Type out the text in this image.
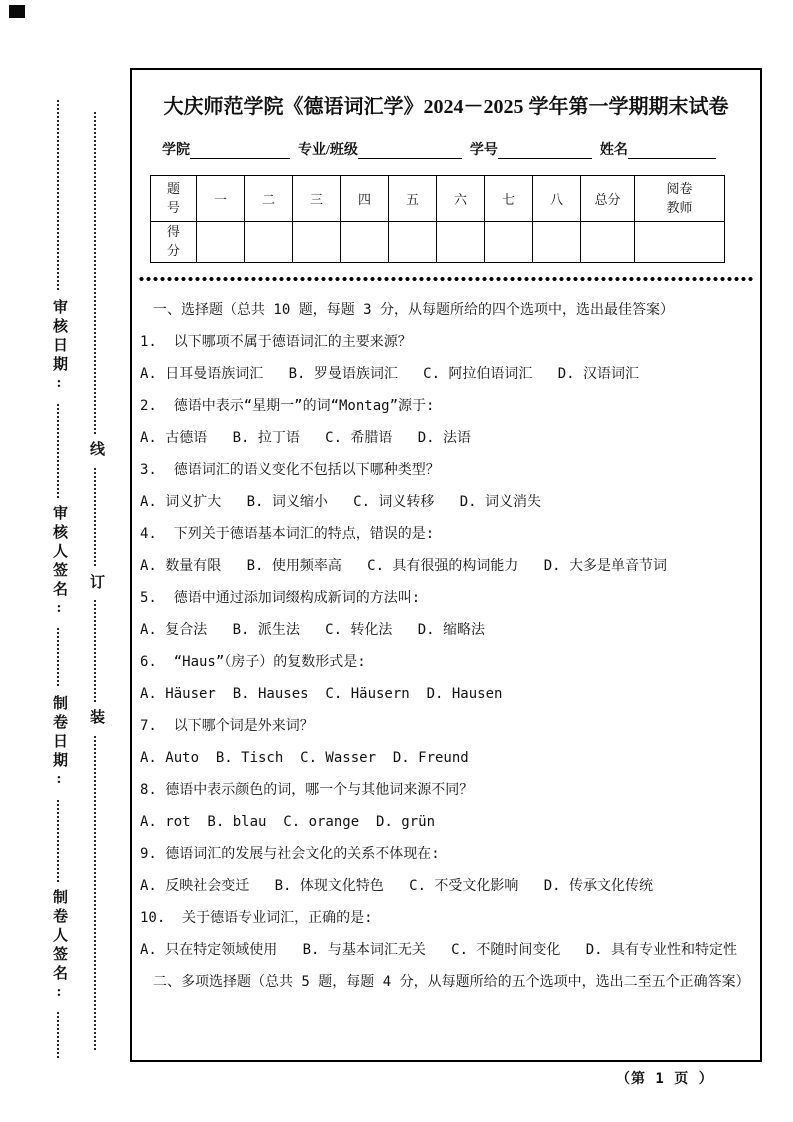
审核日期:
审核人签名:
制卷日期:
制卷人签名:
线
订
装
大庆师范学院《德语词汇学》2024－2025 学年第一学期期末试卷
学院	专业/班级	学号	姓名
题号	一	二	三	四	五	六	七	八	总分	阅卷教师
得分										
一、选择题（总共 10 题，每题 3 分，从每题所给的四个选项中，选出最佳答案）
1.  以下哪项不属于德语词汇的主要来源？
A. 日耳曼语族词汇   B. 罗曼语族词汇   C. 阿拉伯语词汇   D. 汉语词汇
2.  德语中表示“星期一”的词“Montag”源于:
A. 古德语   B. 拉丁语   C. 希腊语   D. 法语
3.  德语词汇的语义变化不包括以下哪种类型？
A. 词义扩大   B. 词义缩小   C. 词义转移   D. 词义消失
4.  下列关于德语基本词汇的特点，错误的是:
A. 数量有限   B. 使用频率高   C. 具有很强的构词能力   D. 大多是单音节词
5.  德语中通过添加词缀构成新词的方法叫:
A. 复合法   B. 派生法   C. 转化法   D. 缩略法
6.  “Haus”（房子）的复数形式是:
A. Häuser  B. Hauses  C. Häusern  D. Hausen
7.  以下哪个词是外来词？
A. Auto  B. Tisch  C. Wasser  D. Freund
8. 德语中表示颜色的词，哪一个与其他词来源不同？
A. rot  B. blau  C. orange  D. grün
9. 德语词汇的发展与社会文化的关系不体现在:
A. 反映社会变迁   B. 体现文化特色   C. 不受文化影响   D. 传承文化传统
10.  关于德语专业词汇，正确的是:
A. 只在特定领域使用   B. 与基本词汇无关   C. 不随时间变化   D. 具有专业性和特定性
二、多项选择题（总共 5 题，每题 4 分，从每题所给的五个选项中，选出二至五个正确答案）
（第 1 页 ）
